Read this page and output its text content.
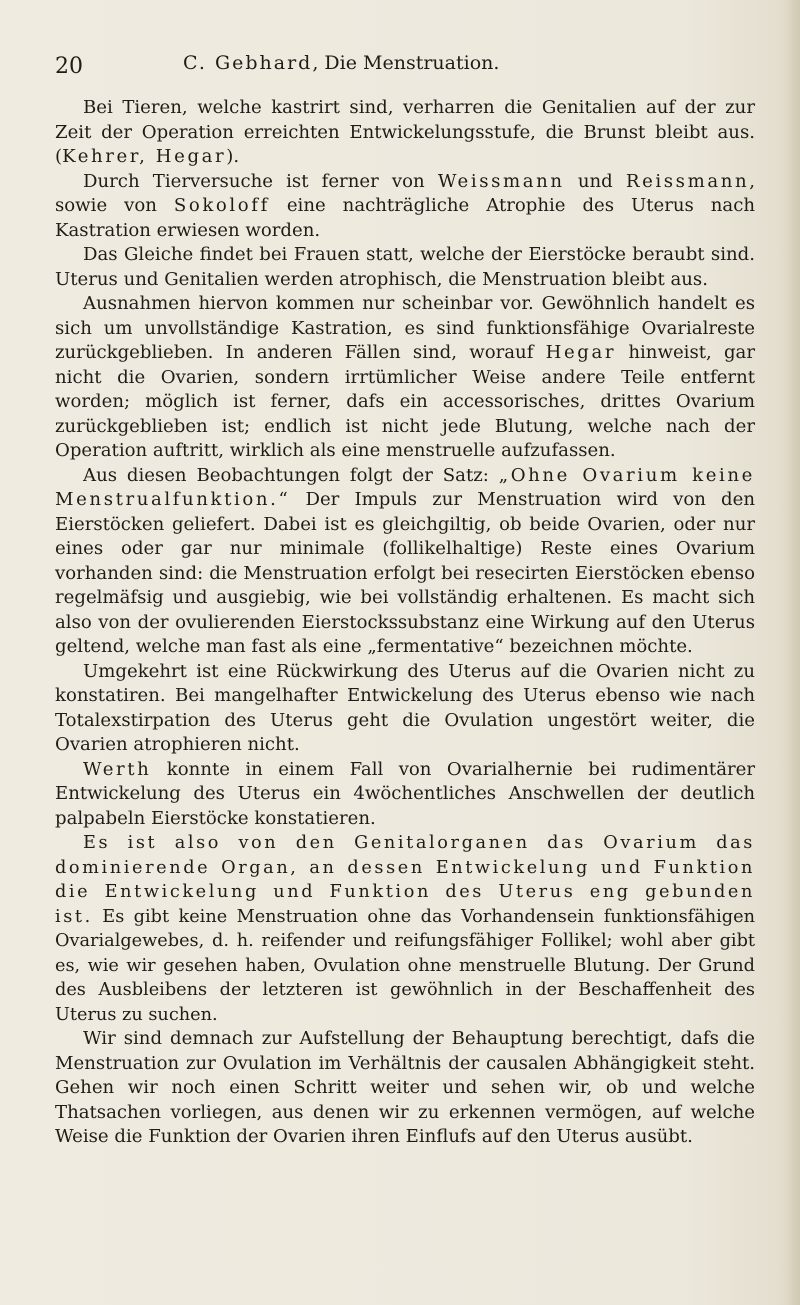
20	C. Gebhard, Die Menstruation.

Bei Tieren, welche kastrirt sind, verharren die Genitalien auf der zur Zeit der Operation erreichten Entwickelungsstufe, die Brunst bleibt aus. (Kehrer, Hegar).

Durch Tierversuche ist ferner von Weissmann und Reissmann, sowie von Sokoloff eine nachträgliche Atrophie des Uterus nach Kastration erwiesen worden.

Das Gleiche findet bei Frauen statt, welche der Eierstöcke beraubt sind. Uterus und Genitalien werden atrophisch, die Menstruation bleibt aus.

Ausnahmen hiervon kommen nur scheinbar vor. Gewöhnlich handelt es sich um unvollständige Kastration, es sind funktionsfähige Ovarialreste zurückgeblieben. In anderen Fällen sind, worauf Hegar hinweist, gar nicht die Ovarien, sondern irrtümlicher Weise andere Teile entfernt worden; möglich ist ferner, dafs ein accessorisches, drittes Ovarium zurückgeblieben ist; endlich ist nicht jede Blutung, welche nach der Operation auftritt, wirklich als eine menstruelle aufzufassen.

Aus diesen Beobachtungen folgt der Satz: „Ohne Ovarium keine Menstrualfunktion.“ Der Impuls zur Menstruation wird von den Eierstöcken geliefert. Dabei ist es gleichgiltig, ob beide Ovarien, oder nur eines oder gar nur minimale (follikelhaltige) Reste eines Ovarium vorhanden sind: die Menstruation erfolgt bei resecirten Eierstöcken ebenso regelmäfsig und ausgiebig, wie bei vollständig erhaltenen. Es macht sich also von der ovulierenden Eierstockssubstanz eine Wirkung auf den Uterus geltend, welche man fast als eine „fermentative“ bezeichnen möchte.

Umgekehrt ist eine Rückwirkung des Uterus auf die Ovarien nicht zu konstatiren. Bei mangelhafter Entwickelung des Uterus ebenso wie nach Totalexstirpation des Uterus geht die Ovulation ungestört weiter, die Ovarien atrophieren nicht.

Werth konnte in einem Fall von Ovarialhernie bei rudimentärer Entwickelung des Uterus ein 4wöchentliches Anschwellen der deutlich palpabeln Eierstöcke konstatieren.

Es ist also von den Genitalorganen das Ovarium das dominierende Organ, an dessen Entwickelung und Funktion die Entwickelung und Funktion des Uterus eng gebunden ist. Es gibt keine Menstruation ohne das Vorhandensein funktionsfähigen Ovarialgewebes, d. h. reifender und reifungsfähiger Follikel; wohl aber gibt es, wie wir gesehen haben, Ovulation ohne menstruelle Blutung. Der Grund des Ausbleibens der letzteren ist gewöhnlich in der Beschaffenheit des Uterus zu suchen.

Wir sind demnach zur Aufstellung der Behauptung berechtigt, dafs die Menstruation zur Ovulation im Verhältnis der causalen Abhängigkeit steht. Gehen wir noch einen Schritt weiter und sehen wir, ob und welche Thatsachen vorliegen, aus denen wir zu erkennen vermögen, auf welche Weise die Funktion der Ovarien ihren Einflufs auf den Uterus ausübt.
